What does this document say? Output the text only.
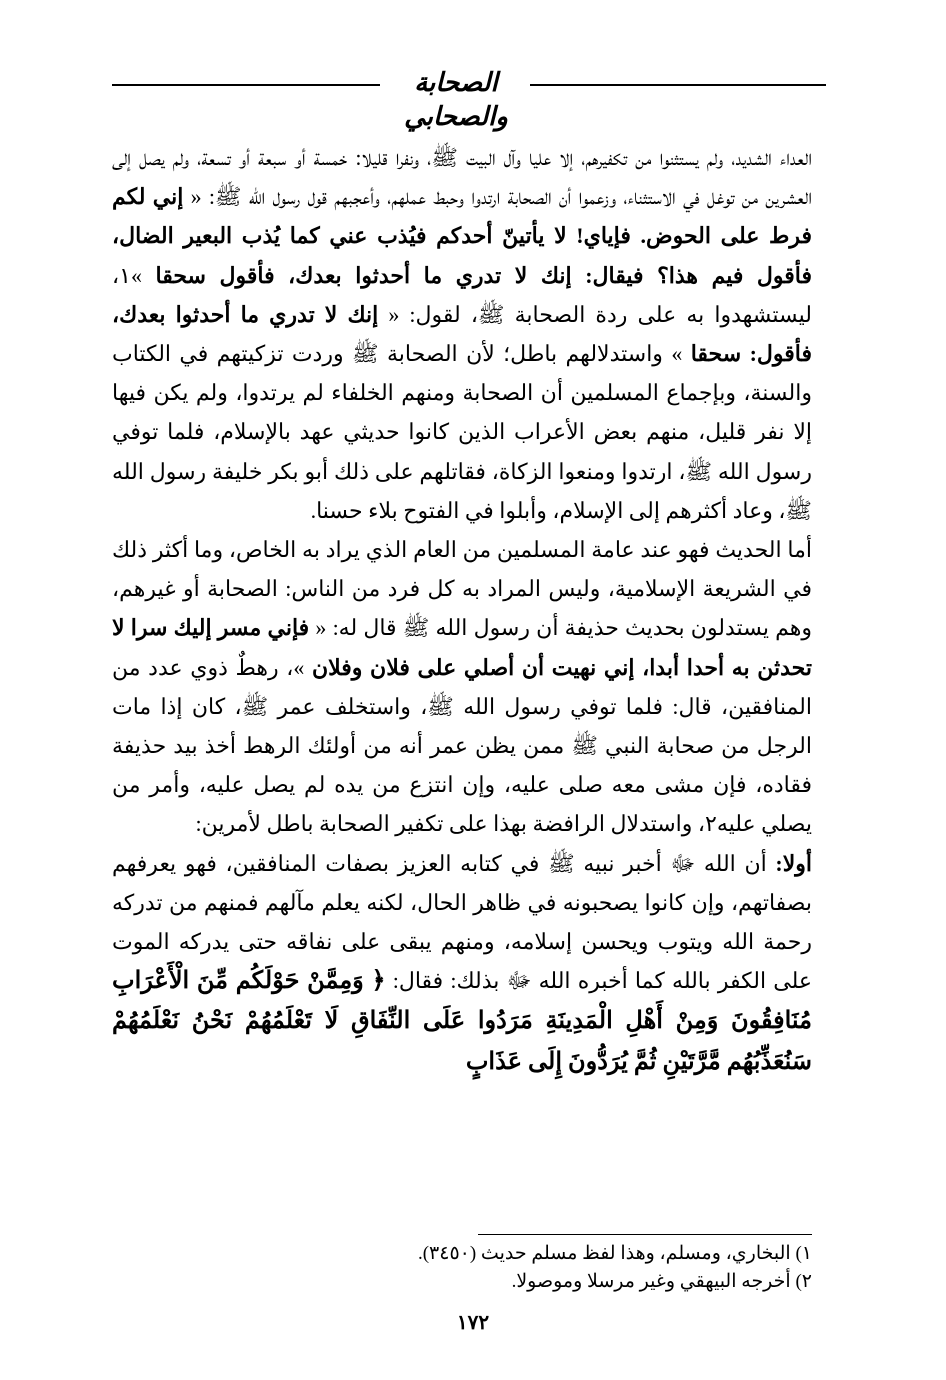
الصحابة والصحابي

العداء الشديد، ولم يستثنوا من تكفيرهم، إلا عليا وآل البيت ﷺ، ونفرا قليلا: خمسة أو سبعة أو تسعة، ولم يصل إلى العشرين من توغل في الاستثناء، وزعموا أن الصحابة ارتدوا وحبط عملهم، وأعجبهم قول رسول الله ﷺ: « إني لكم فرط على الحوض. فإياي! لا يأتينّ أحدكم فيُذب عني كما يُذب البعير الضال، فأقول فيم هذا؟ فيقال: إنك لا تدري ما أحدثوا بعدك، فأقول سحقا »١، ليستشهدوا به على ردة الصحابة ﷺ، لقول: « إنك لا تدري ما أحدثوا بعدك، فأقول: سحقا » واستدلالهم باطل؛ لأن الصحابة ﷺ وردت تزكيتهم في الكتاب والسنة، وبإجماع المسلمين أن الصحابة ومنهم الخلفاء لم يرتدوا، ولم يكن فيها إلا نفر قليل، منهم بعض الأعراب الذين كانوا حديثي عهد بالإسلام، فلما توفي رسول الله ﷺ، ارتدوا ومنعوا الزكاة، فقاتلهم على ذلك أبو بكر خليفة رسول الله ﷺ، وعاد أكثرهم إلى الإسلام، وأبلوا في الفتوح بلاء حسنا.

أما الحديث فهو عند عامة المسلمين من العام الذي يراد به الخاص، وما أكثر ذلك في الشريعة الإسلامية، وليس المراد به كل فرد من الناس: الصحابة أو غيرهم، وهم يستدلون بحديث حذيفة أن رسول الله ﷺ قال له: « فإني مسر إليك سرا لا تحدثن به أحدا أبدا، إني نهيت أن أصلي على فلان وفلان »، رهطٌ ذوي عدد من المنافقين، قال: فلما توفي رسول الله ﷺ، واستخلف عمر ﷺ، كان إذا مات الرجل من صحابة النبي ﷺ ممن يظن عمر أنه من أولئك الرهط أخذ بيد حذيفة فقاده، فإن مشى معه صلى عليه، وإن انتزع من يده لم يصل عليه، وأمر من يصلي عليه٢، واستدلال الرافضة بهذا على تكفير الصحابة باطل لأمرين:

أولا: أن الله ﷻ أخبر نبيه ﷺ في كتابه العزيز بصفات المنافقين، فهو يعرفهم بصفاتهم، وإن كانوا يصحبونه في ظاهر الحال، لكنه يعلم مآلهم فمنهم من تدركه رحمة الله ويتوب ويحسن إسلامه، ومنهم يبقى على نفاقه حتى يدركه الموت على الكفر بالله كما أخبره الله ﷻ بذلك: فقال: ﴿ وَمِمَّنْ حَوْلَكُم مِّنَ الْأَعْرَابِ مُنَافِقُونَ وَمِنْ أَهْلِ الْمَدِينَةِ مَرَدُوا عَلَى النِّفَاقِ لَا تَعْلَمُهُمْ نَحْنُ نَعْلَمُهُمْ سَنُعَذِّبُهُم مَّرَّتَيْنِ ثُمَّ يُرَدُّونَ إِلَى عَذَابٍ

١) البخاري، ومسلم، وهذا لفظ مسلم حديث (٣٤٥٠).
٢) أخرجه البيهقي وغير مرسلا وموصولا.
١٧٢
